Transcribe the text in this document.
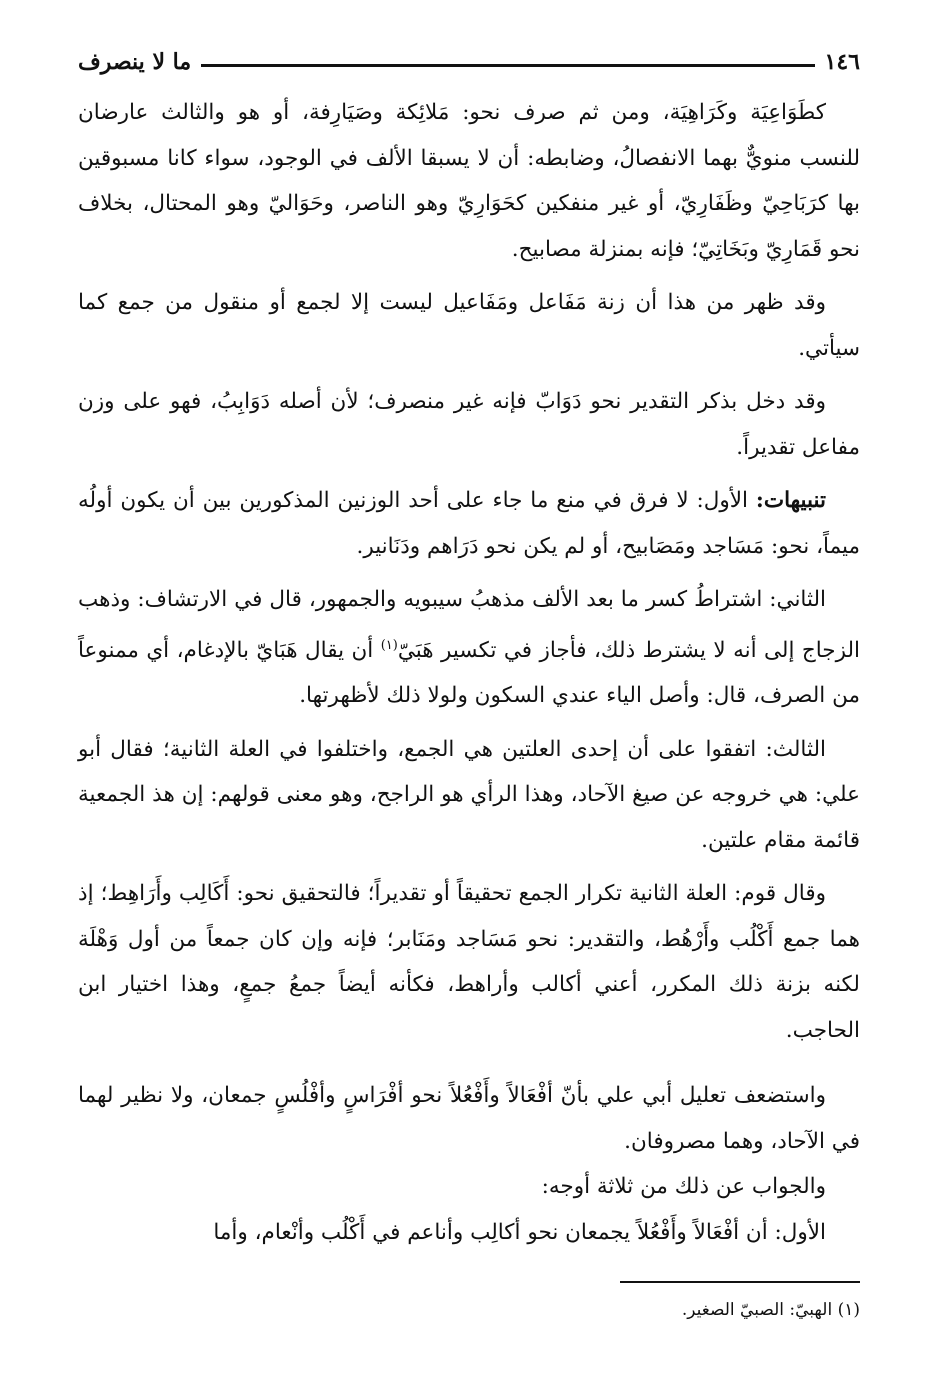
١٤٦
ما لا ينصرف

كطَوَاعِيَة وكَرَاهِيَة، ومن ثم صرف نحو: مَلائِكة وصَيَارِفة، أو هو والثالث عارضان للنسب منويٌّ بهما الانفصالُ، وضابطه: أن لا يسبقا الألف في الوجود، سواء كانا مسبوقين بها كرَبَاحِيّ وظَفَارِيّ، أو غير منفكين كحَوَارِيّ وهو الناصر، وحَوَاليّ وهو المحتال، بخلاف نحو قَمَارِيّ وبَخَاتِيّ؛ فإنه بمنزلة مصابيح.

وقد ظهر من هذا أن زنة مَفَاعل ومَفَاعيل ليست إلا لجمع أو منقول من جمع كما سيأتي.

وقد دخل بذكر التقدير نحو دَوَابّ فإنه غير منصرف؛ لأن أصله دَوَابِبُ، فهو على وزن مفاعل تقديراً.

تنبيهات: الأول: لا فرق في منع ما جاء على أحد الوزنين المذكورين بين أن يكون أولُه ميماً، نحو: مَسَاجد ومَصَابيح، أو لم يكن نحو دَرَاهم ودَنَانير.

الثاني: اشتراطُ كسر ما بعد الألف مذهبُ سيبويه والجمهور، قال في الارتشاف: وذهب الزجاج إلى أنه لا يشترط ذلك، فأجاز في تكسير هَبَيّ$^{(١)}$ أن يقال هَبَايّ بالإدغام، أي ممنوعاً من الصرف، قال: وأصل الياء عندي السكون ولولا ذلك لأظهرتها.

الثالث: اتفقوا على أن إحدى العلتين هي الجمع، واختلفوا في العلة الثانية؛ فقال أبو علي: هي خروجه عن صيغ الآحاد، وهذا الرأي هو الراجح، وهو معنى قولهم: إن هذ الجمعية قائمة مقام علتين.

وقال قوم: العلة الثانية تكرار الجمع تحقيقاً أو تقديراً؛ فالتحقيق نحو: أَكَالِب وأَرَاهِط؛ إذ هما جمع أَكْلُب وأَرْهُط، والتقدير: نحو مَسَاجد ومَنَابر؛ فإنه وإن كان جمعاً من أول وَهْلَة لكنه بزنة ذلك المكرر، أعني أكالب وأراهط، فكأنه أيضاً جمعُ جمعٍ، وهذا اختيار ابن الحاجب.

واستضعف تعليل أبي علي بأنّ أفْعَالاً وأَفْعُلاً نحو أفْرَاسٍ وأفْلُسٍ جمعان، ولا نظير لهما في الآحاد، وهما مصروفان.

والجواب عن ذلك من ثلاثة أوجه:

الأول: أن أفْعَالاً وأَفْعُلاً يجمعان نحو أكالِب وأناعم في أَكْلُب وأنْعام، وأما

(١) الهبيّ: الصبيّ الصغير.
